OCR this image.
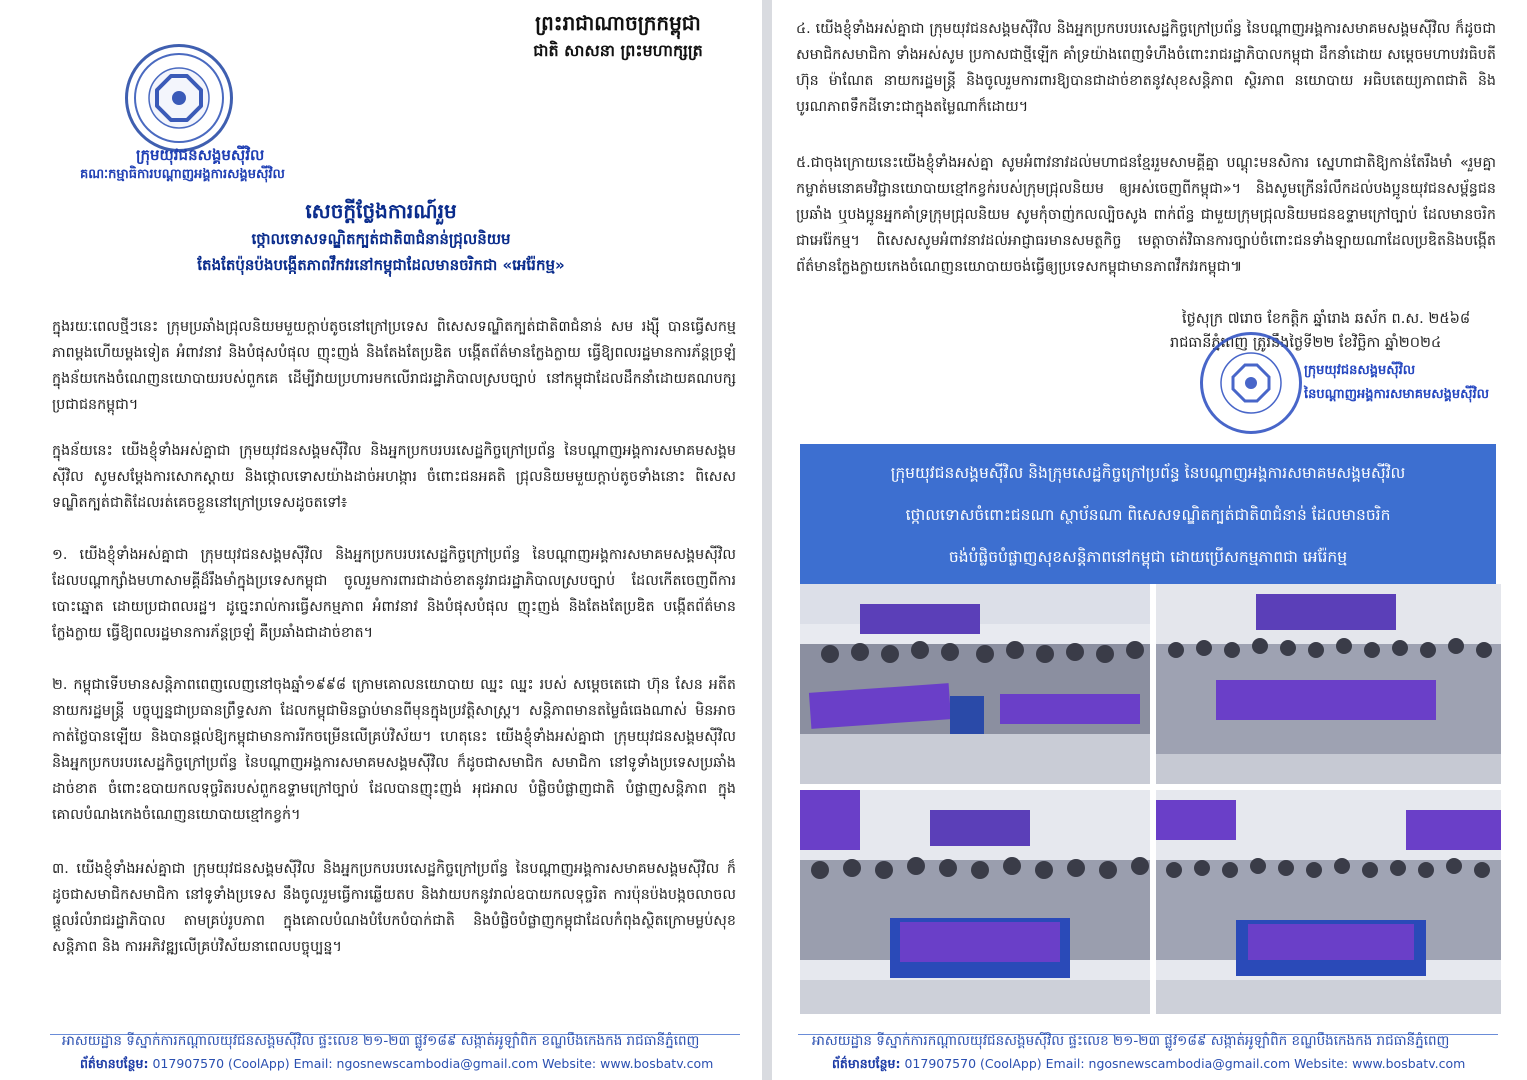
ក្រុមយុវជនសង្គមស៊ីវិល
គណៈកម្មាធិការបណ្តាញអង្គការសង្គមស៊ីវិល
ព្រះរាជាណាចក្រកម្ពុជា
ជាតិ សាសនា ព្រះមហាក្សត្រ
សេចក្តីថ្លែងការណ៍រួម
ថ្កោលទោសទណ្ឌិតក្បត់ជាតិ៣ជំនាន់ជ្រុលនិយម
តែងតែប៉ុនប៉ងបង្កើតភាពវឹកវរនៅកម្ពុជាដែលមានចរិកជា «អេរ៉ែកម្ម»
ក្នុងរយៈពេលថ្មីៗនេះ ក្រុមប្រឆាំងជ្រុលនិយមមួយក្តាប់តូចនៅក្រៅប្រទេស ពិសេសទណ្ឌិតក្បត់ជាតិ៣ជំនាន់ សម រង្ស៊ី បានធ្វើសកម្មភាពម្តងហើយម្តងទៀត អំពាវនាវ និងបំផុសបំផុល ញុះញង់ និងតែងតែប្រឌិត បង្កើតព័ត៌មានក្លែងក្លាយ ធ្វើឱ្យពលរដ្ឋមានការភ័ន្តច្រឡំ ក្នុងន័យកេងចំណេញនយោបាយរបស់ពួកគេ ដើម្បីវាយប្រហារមកលើរាជរដ្ឋាភិបាលស្របច្បាប់ នៅកម្ពុជាដែលដឹកនាំដោយគណបក្សប្រជាជនកម្ពុជា។
ក្នុងន័យនេះ យើងខ្ញុំទាំងអស់គ្នាជា ក្រុមយុវជនសង្គមស៊ីវិល និងអ្នកប្រកបរបរសេដ្ឋកិច្ចក្រៅប្រព័ន្ធ នៃបណ្តាញអង្គការសមាគមសង្គមស៊ីវិល សូមសម្តែងការសោកស្តាយ និងថ្កោលទោសយ៉ាងដាច់អហង្ការ ចំពោះជនអគតិ ជ្រុលនិយមមួយក្តាប់តូចទាំងនោះ ពិសេសទណ្ឌិតក្បត់ជាតិដែលរត់គេចខ្លួននៅក្រៅប្រទេសដូចតទៅ៖
១. យើងខ្ញុំទាំងអស់គ្នាជា ក្រុមយុវជនសង្គមស៊ីវិល និងអ្នកប្រកបរបរសេដ្ឋកិច្ចក្រៅប្រព័ន្ធ នៃបណ្តាញអង្គការសមាគមសង្គមស៊ីវិល ដែលបណ្តាក្សាំងមហាសាមគ្គីដ៏រឹងមាំក្នុងប្រទេសកម្ពុជា ចូលរួមការពារជាដាច់ខាតនូវរាជរដ្ឋាភិបាលស្របច្បាប់ ដែលកើតចេញពីការបោះឆ្នោត ដោយប្រជាពលរដ្ឋ។ ដូច្នេះរាល់ការធ្វើសកម្មភាព អំពាវនាវ និងបំផុសបំផុល ញុះញង់ និងតែងតែប្រឌិត បង្កើតព័ត៌មានក្លែងក្លាយ ធ្វើឱ្យពលរដ្ឋមានការភ័ន្តច្រឡំ គឺប្រឆាំងជាដាច់ខាត។
២. កម្ពុជាទើបមានសន្តិភាពពេញលេញនៅចុងឆ្នាំ១៩៩៨ ក្រោមគោលនយោបាយ ឈ្នះ ឈ្នះ របស់ សម្តេចតេជោ ហ៊ុន សែន អតីតនាយករដ្ឋមន្ត្រី បច្ចុប្បន្នជាប្រធានព្រឹទ្ធសភា ដែលកម្ពុជាមិនធ្លាប់មានពីមុនក្នុងប្រវត្តិសាស្ត្រ។ សន្តិភាពមានតម្លៃធំធេងណាស់ មិនអាចកាត់ថ្លៃបានឡើយ និងបានផ្តល់ឱ្យកម្ពុជាមានការរីកចម្រើនលើគ្រប់វិស័យ។ ហេតុនេះ យើងខ្ញុំទាំងអស់គ្នាជា ក្រុមយុវជនសង្គមស៊ីវិល និងអ្នកប្រកបរបរសេដ្ឋកិច្ចក្រៅប្រព័ន្ធ នៃបណ្តាញអង្គការសមាគមសង្គមស៊ីវិល ក៏ដូចជាសមាជិក សមាជិកា នៅទូទាំងប្រទេសប្រឆាំងដាច់ខាត ចំពោះឧបាយកលទុច្ចរិតរបស់ពួកឧទ្ទាមក្រៅច្បាប់ ដែលបានញុះញង់ អុជអាល បំផ្លិចបំផ្លាញជាតិ បំផ្លាញសន្តិភាព ក្នុងគោលបំណងកេងចំណេញនយោបាយខ្មៅកខ្វក់។
៣. យើងខ្ញុំទាំងអស់គ្នាជា ក្រុមយុវជនសង្គមស៊ីវិល និងអ្នកប្រកបរបរសេដ្ឋកិច្ចក្រៅប្រព័ន្ធ នៃបណ្តាញអង្គការសមាគមសង្គមស៊ីវិល ក៏ដូចជាសមាជិកសមាជិកា នៅទូទាំងប្រទេស នឹងចូលរួមធ្វើការឆ្លើយតប និងវាយបកនូវរាល់ឧបាយកលទុច្ចរិត ការប៉ុនប៉ងបង្កចលាចល ផ្តួលរំលំរាជរដ្ឋាភិបាល តាមគ្រប់រូបភាព ក្នុងគោលបំណងបំបែកបំបាក់ជាតិ និងបំផ្លិចបំផ្លាញកម្ពុជាដែលកំពុងស្ថិតក្រោមម្លប់សុខសន្តិភាព និង ការអភិវឌ្ឍលើគ្រប់វិស័យនាពេលបច្ចុប្បន្ន។
អាសយដ្ឋាន ទីស្នាក់ការកណ្តាលយុវជនសង្គមស៊ីវិល ផ្ទះលេខ ២១-២៣ ផ្លូវ១៨៩ សង្កាត់អូឡាំពិក ខណ្ឌបឹងកេងកង រាជធានីភ្នំពេញ
ព័ត៌មានបន្ថែម: 017907570 (CoolApp) Email: ngosnewscambodia@gmail.com Website: www.bosbatv.com
៤. យើងខ្ញុំទាំងអស់គ្នាជា ក្រុមយុវជនសង្គមស៊ីវិល និងអ្នកប្រកបរបរសេដ្ឋកិច្ចក្រៅប្រព័ន្ធ នៃបណ្តាញអង្គការសមាគមសង្គមស៊ីវិល ក៏ដូចជាសមាជិកសមាជិកា ទាំងអស់សូម ប្រកាសជាថ្មីឡើក គាំទ្រយ៉ាងពេញទំហឹងចំពោះរាជរដ្ឋាភិបាលកម្ពុជា ដឹកនាំដោយ សម្តេចមហាបវរធិបតី ហ៊ុន ម៉ាណែត នាយករដ្ឋមន្ត្រី និងចូលរួមការពារឱ្យបានជាដាច់ខាតនូវសុខសន្តិភាព ស្ថិរភាព នយោបាយ អធិបតេយ្យភាពជាតិ និងបូរណភាពទឹកដីទោះជាក្នុងតម្លៃណាក៏ដោយ។
៥.ជាចុងក្រោយនេះយើងខ្ញុំទាំងអស់គ្នា សូមអំពាវនាវដល់មហាជនខ្មែររួមសាមគ្គីគ្នា បណ្តុះមនសិការ ស្នេហាជាតិឱ្យកាន់តែរឹងមាំ «រួមគ្នាកម្ចាត់មនោគមវិជ្ជានយោបាយខ្មៅកខ្វក់របស់ក្រុមជ្រុលនិយម ឲ្យអស់ចេញពីកម្ពុជា»។ និងសូមក្រើនរំលឹកដល់បងប្អូនយុវជនសម្ព័ន្ធជនប្រឆាំង ឬបងប្អូនអ្នកគាំទ្រក្រុមជ្រុលនិយម សូមកុំចាញ់កលល្បិចសូង ពាក់ព័ន្ធ ជាមួយក្រុមជ្រុលនិយមជនឧទ្ទាមក្រៅច្បាប់ ដែលមានចរិកជាអេរ៉ែកម្ម។ ពិសេសសូមអំពាវនាវដល់អាជ្ញាធរមានសមត្ថកិច្ច មេត្តាចាត់វិធានការច្បាប់ចំពោះជនទាំងឡាយណាដែលប្រឌិតនិងបង្កើតព័ត៌មានក្លែងក្លាយកេងចំណេញនយោបាយចង់ធ្វើឲ្យប្រទេសកម្ពុជាមានភាពវឹកវរកម្ពុជា៕
ថ្ងៃសុក្រ ៧រោច ខែកត្តិក ឆ្នាំរោង ឆស័ក ព.ស. ២៥៦៨
រាជធានីភ្នំពេញ ត្រូវនឹងថ្ងៃទី២២ ខែវិច្ឆិកា ឆ្នាំ២០២៤
ក្រុមយុវជនសង្គមស៊ីវិល
នៃបណ្តាញអង្គការសមាគមសង្គមស៊ីវិល
ក្រុមយុវជនសង្គមស៊ីវិល និងក្រុមសេដ្ឋកិច្ចក្រៅប្រព័ន្ធ នៃបណ្តាញអង្គការសមាគមសង្គមស៊ីវិល
ថ្កោលទោសចំពោះជនណា ស្ថាប័នណា ពិសេសទណ្ឌិតក្បត់ជាតិ៣ជំនាន់ ដែលមានចរិក
ចង់បំផ្លិចបំផ្លាញសុខសន្តិភាពនៅកម្ពុជា ដោយប្រើសកម្មភាពជា អេរ៉ែកម្ម
អាសយដ្ឋាន ទីស្នាក់ការកណ្តាលយុវជនសង្គមស៊ីវិល ផ្ទះលេខ ២១-២៣ ផ្លូវ១៨៩ សង្កាត់អូឡាំពិក ខណ្ឌបឹងកេងកង រាជធានីភ្នំពេញ
ព័ត៌មានបន្ថែម: 017907570 (CoolApp) Email: ngosnewscambodia@gmail.com Website: www.bosbatv.com
